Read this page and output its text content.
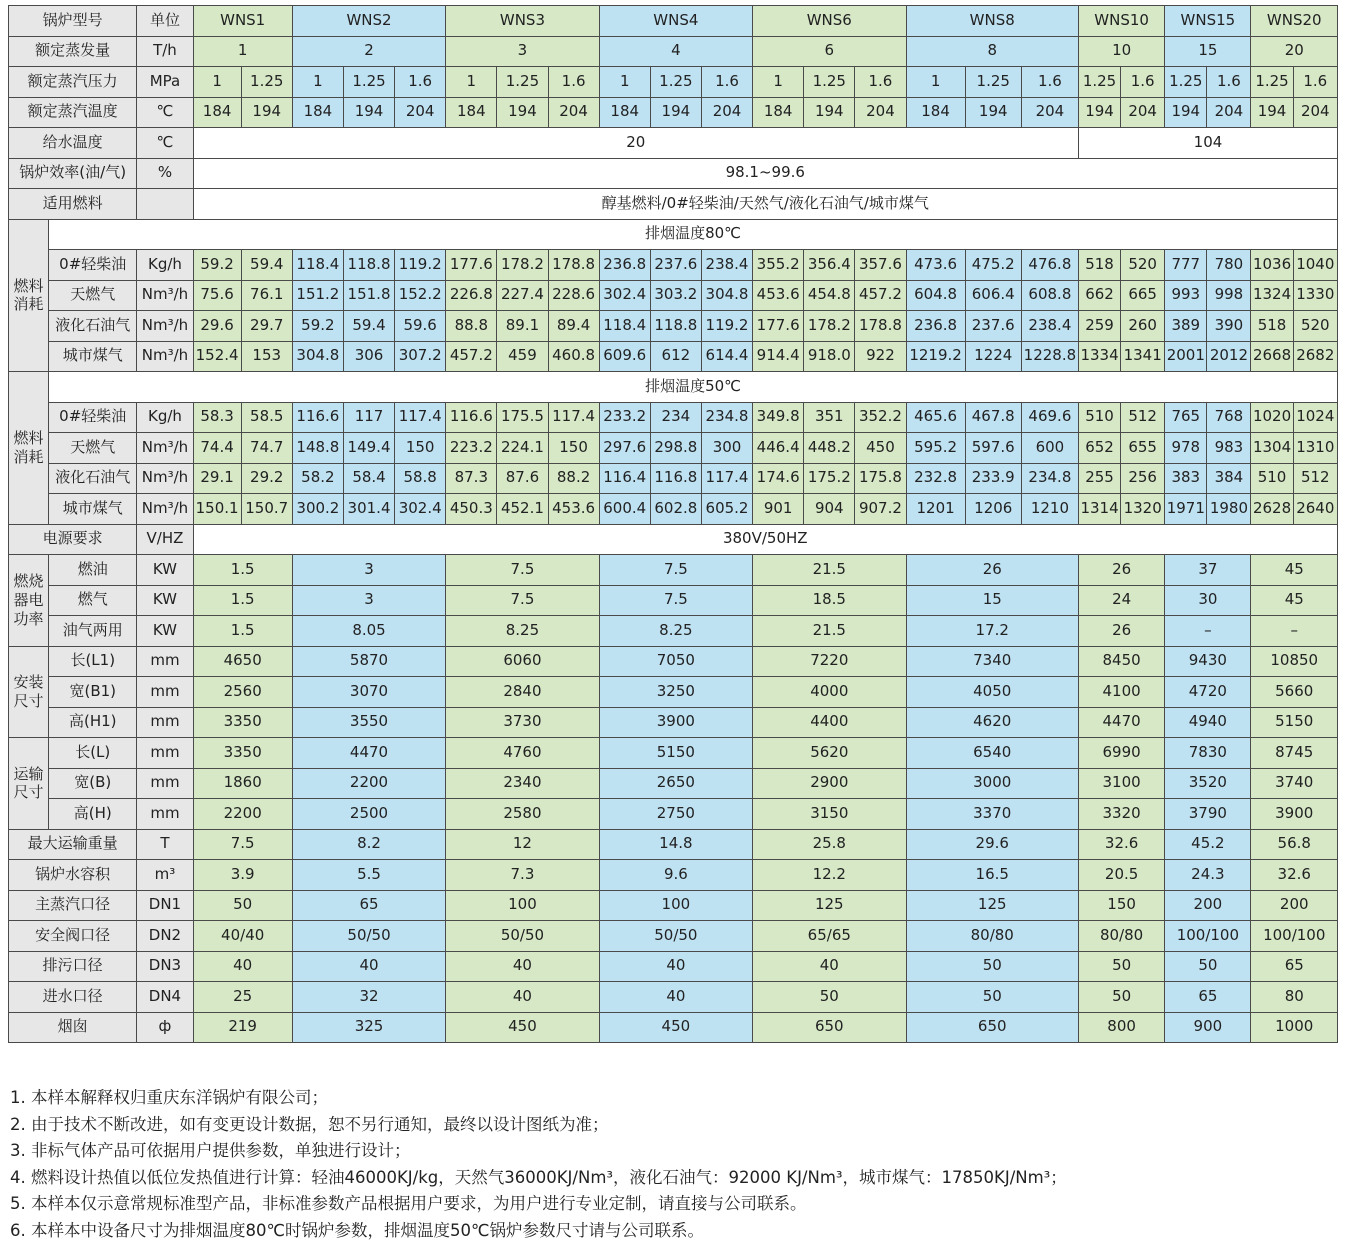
锅炉型号		单位	WNS1		WNS2			WNS3			WNS4			WNS6			WNS8			WNS10		WNS15		WNS20	
额定蒸发量		T/h	1		2			3			4			6			8			10		15		20	
额定蒸汽压力		MPa	1	1.25	1	1.25	1.6	1	1.25	1.6	1	1.25	1.6	1	1.25	1.6	1	1.25	1.6	1.25	1.6	1.25	1.6	1.25	1.6
额定蒸汽温度		℃	184	194	184	194	204	184	194	204	184	194	204	184	194	204	184	194	204	194	204	194	204	194	204
给水温度		℃	20																	104					
锅炉效率(油/气)		%	98.1~99.6																						
适用燃料			醇基燃料/0#轻柴油/天然气/液化石油气/城市煤气																						
燃料消耗	排烟温度80℃																								
	0#轻柴油	Kg/h	59.2	59.4	118.4	118.8	119.2	177.6	178.2	178.8	236.8	237.6	238.4	355.2	356.4	357.6	473.6	475.2	476.8	518	520	777	780	1036	1040
	天燃气	Nm³/h	75.6	76.1	151.2	151.8	152.2	226.8	227.4	228.6	302.4	303.2	304.8	453.6	454.8	457.2	604.8	606.4	608.8	662	665	993	998	1324	1330
	液化石油气	Nm³/h	29.6	29.7	59.2	59.4	59.6	88.8	89.1	89.4	118.4	118.8	119.2	177.6	178.2	178.8	236.8	237.6	238.4	259	260	389	390	518	520
	城市煤气	Nm³/h	152.4	153	304.8	306	307.2	457.2	459	460.8	609.6	612	614.4	914.4	918.0	922	1219.2	1224	1228.8	1334	1341	2001	2012	2668	2682
燃料消耗	排烟温度50℃																								
	0#轻柴油	Kg/h	58.3	58.5	116.6	117	117.4	116.6	175.5	117.4	233.2	234	234.8	349.8	351	352.2	465.6	467.8	469.6	510	512	765	768	1020	1024
	天燃气	Nm³/h	74.4	74.7	148.8	149.4	150	223.2	224.1	150	297.6	298.8	300	446.4	448.2	450	595.2	597.6	600	652	655	978	983	1304	1310
	液化石油气	Nm³/h	29.1	29.2	58.2	58.4	58.8	87.3	87.6	88.2	116.4	116.8	117.4	174.6	175.2	175.8	232.8	233.9	234.8	255	256	383	384	510	512
	城市煤气	Nm³/h	150.1	150.7	300.2	301.4	302.4	450.3	452.1	453.6	600.4	602.8	605.2	901	904	907.2	1201	1206	1210	1314	1320	1971	1980	2628	2640
电源要求		V/HZ	380V/50HZ																						
燃烧器电功率	燃油	KW	1.5		3			7.5			7.5			21.5			26			26		37		45	
	燃气	KW	1.5		3			7.5			7.5			18.5			15			24		30		45	
	油气两用	KW	1.5		8.05			8.25			8.25			21.5			17.2			26		–		–	
安装尺寸	长(L1)	mm	4650		5870			6060			7050			7220			7340			8450		9430		10850	
	宽(B1)	mm	2560		3070			2840			3250			4000			4050			4100		4720		5660	
	高(H1)	mm	3350		3550			3730			3900			4400			4620			4470		4940		5150	
运输尺寸	长(L)	mm	3350		4470			4760			5150			5620			6540			6990		7830		8745	
	宽(B)	mm	1860		2200			2340			2650			2900			3000			3100		3520		3740	
	高(H)	mm	2200		2500			2580			2750			3150			3370			3320		3790		3900	
最大运输重量		T	7.5		8.2			12			14.8			25.8			29.6			32.6		45.2		56.8	
锅炉水容积		m³	3.9		5.5			7.3			9.6			12.2			16.5			20.5		24.3		32.6	
主蒸汽口径		DN1	50		65			100			100			125			125			150		200		200	
安全阀口径		DN2	40/40		50/50			50/50			50/50			65/65			80/80			80/80		100/100		100/100	
排污口径		DN3	40		40			40			40			40			50			50		50		65	
进水口径		DN4	25		32			40			40			50			50			50		65		80	
烟囱		ф	219		325			450			450			650			650			800		900		1000	
1. 本样本解释权归重庆东洋锅炉有限公司；
2. 由于技术不断改进，如有变更设计数据，恕不另行通知，最终以设计图纸为准；
3. 非标气体产品可依据用户提供参数，单独进行设计；
4. 燃料设计热值以低位发热值进行计算：轻油46000KJ/kg，天然气36000KJ/Nm³，液化石油气：92000 KJ/Nm³，城市煤气：17850KJ/Nm³；
5. 本样本仅示意常规标准型产品，非标准参数产品根据用户要求，为用户进行专业定制，请直接与公司联系。
6. 本样本中设备尺寸为排烟温度80℃时锅炉参数，排烟温度50℃锅炉参数尺寸请与公司联系。
